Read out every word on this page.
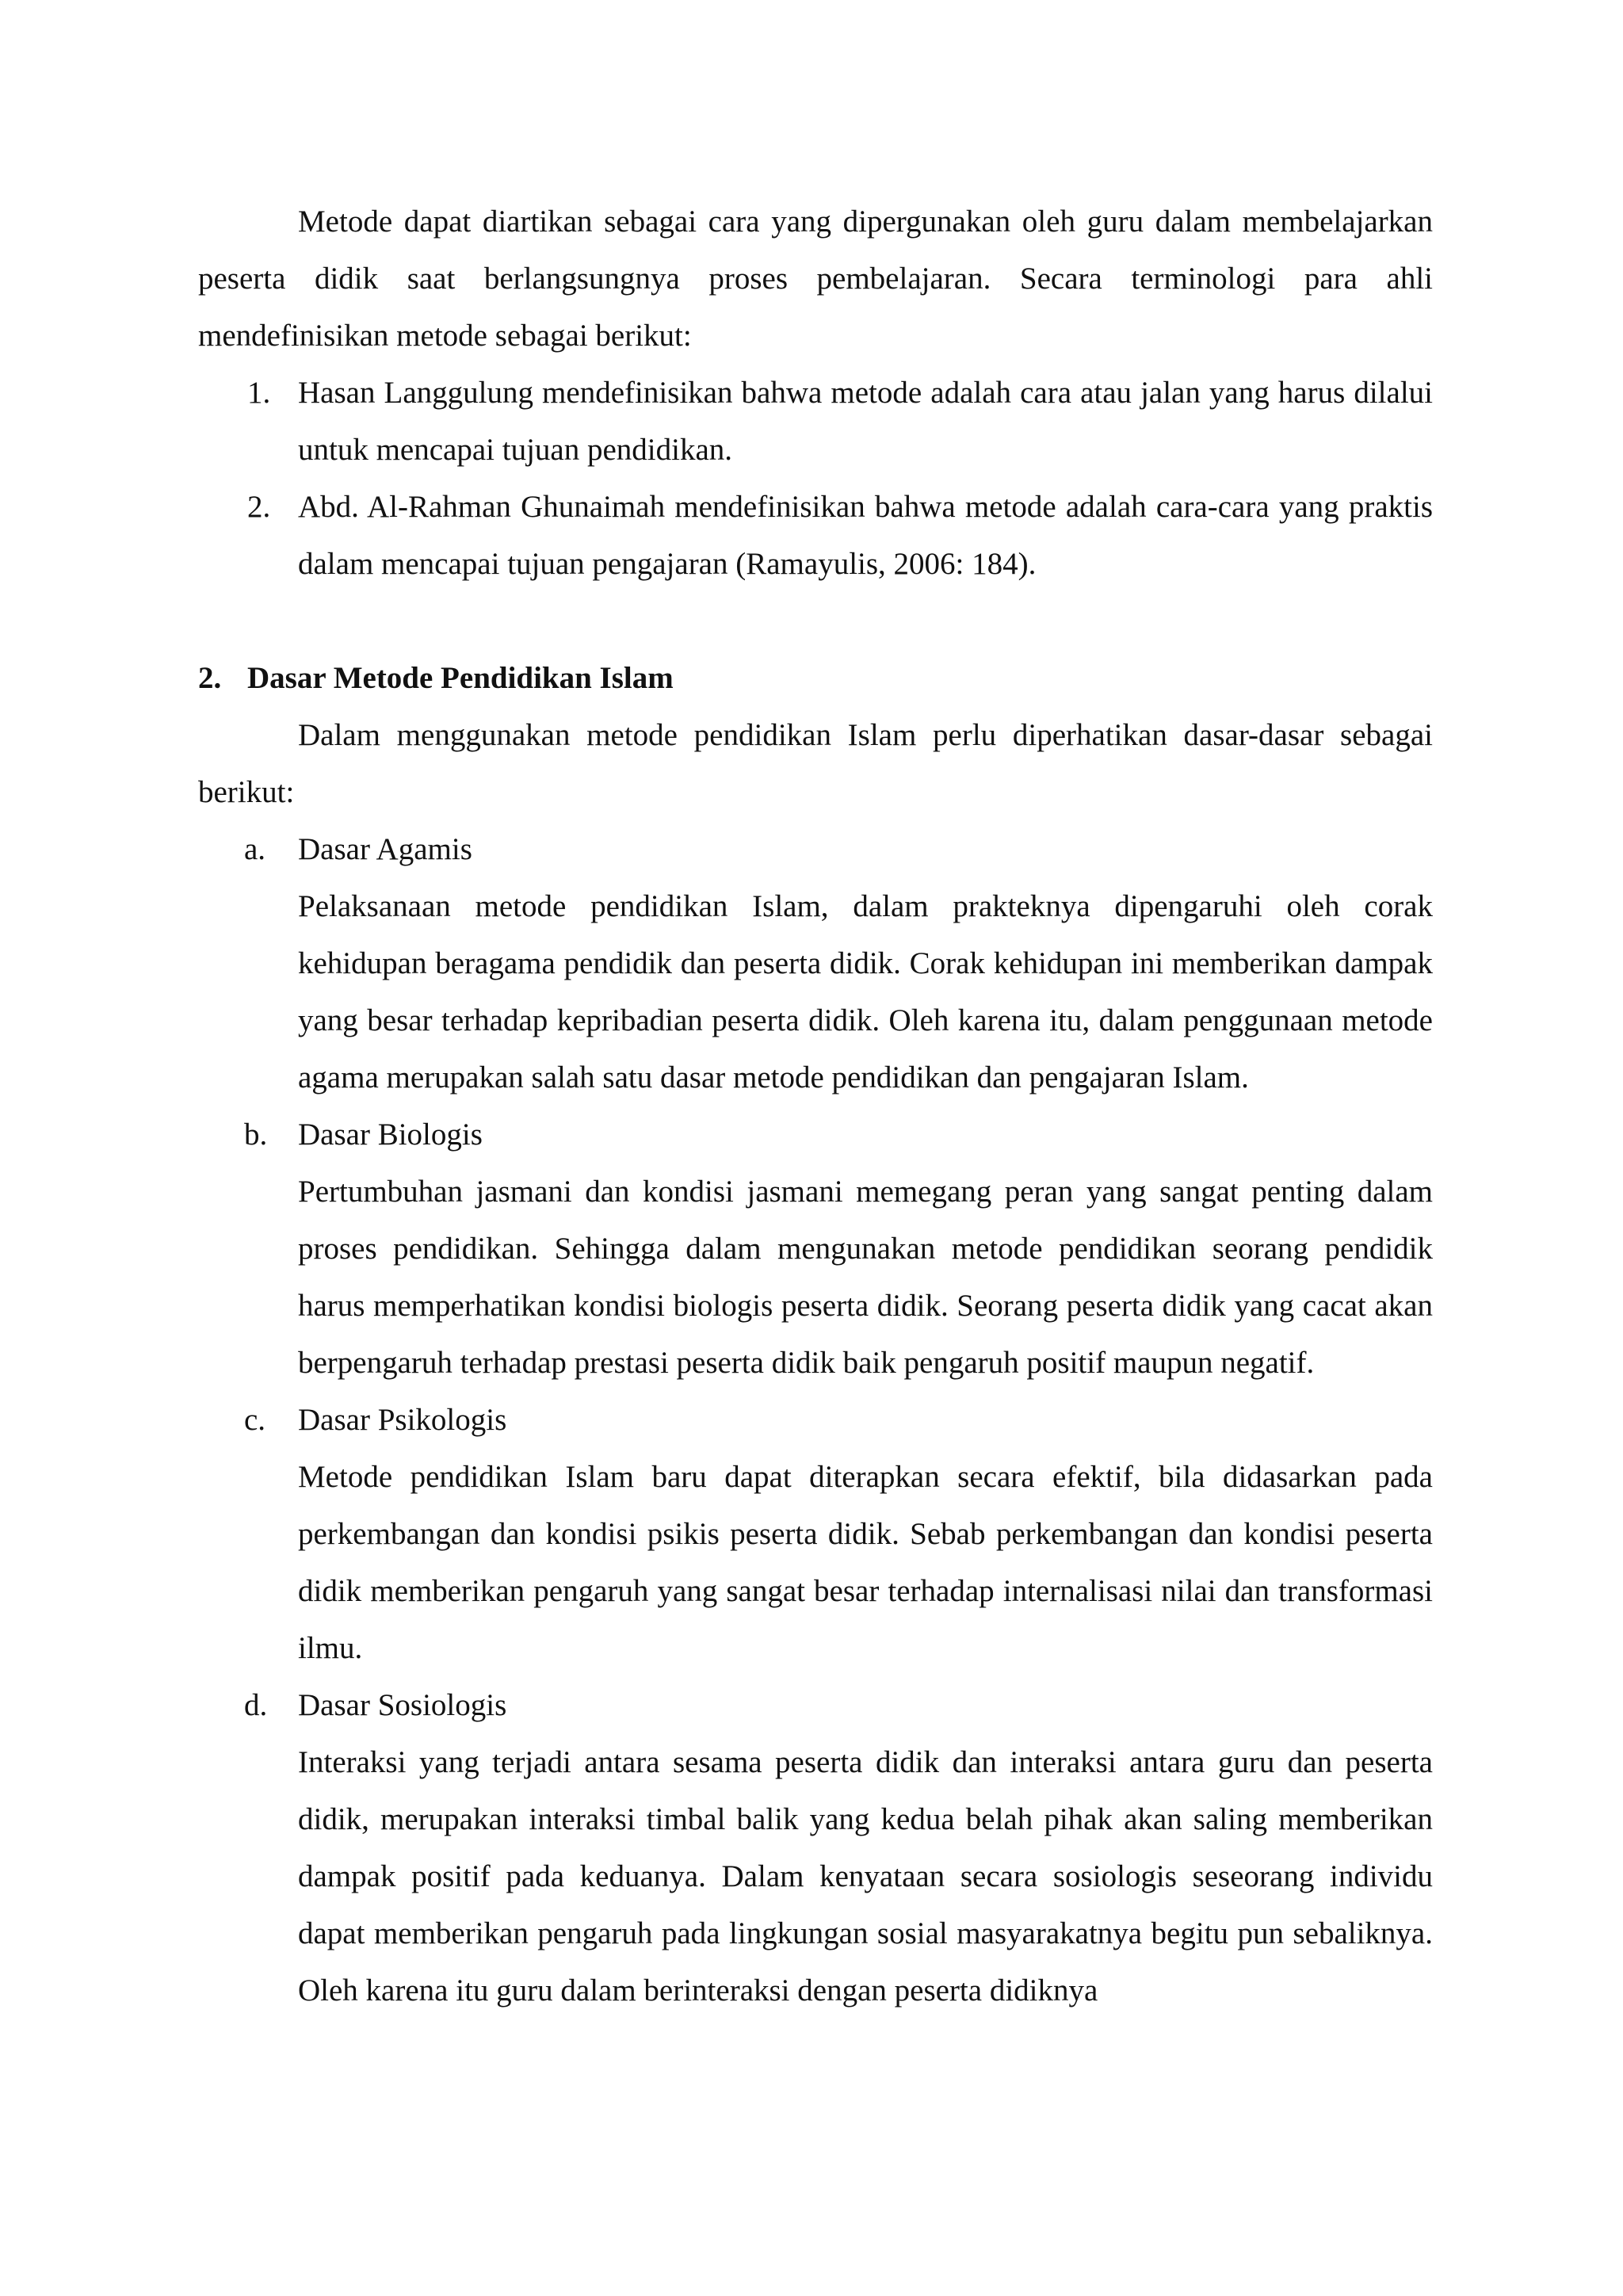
Metode dapat diartikan sebagai cara yang dipergunakan oleh guru dalam membelajarkan peserta didik saat berlangsungnya proses pembelajaran. Secara terminologi para ahli mendefinisikan metode sebagai berikut:

1. Hasan Langgulung mendefinisikan bahwa metode adalah cara atau jalan yang harus dilalui untuk mencapai tujuan pendidikan.
2. Abd. Al-Rahman Ghunaimah mendefinisikan bahwa metode adalah cara-cara yang praktis dalam mencapai tujuan pengajaran (Ramayulis, 2006: 184).
2. Dasar Metode Pendidikan Islam

Dalam menggunakan metode pendidikan Islam perlu diperhatikan dasar-dasar sebagai berikut:

a. Dasar Agamis

Pelaksanaan metode pendidikan Islam, dalam prakteknya dipengaruhi oleh corak kehidupan beragama pendidik dan peserta didik. Corak kehidupan ini memberikan dampak yang besar terhadap kepribadian peserta didik. Oleh karena itu, dalam penggunaan metode agama merupakan salah satu dasar metode pendidikan dan pengajaran Islam.

b. Dasar Biologis

Pertumbuhan jasmani dan kondisi jasmani memegang peran yang sangat penting dalam proses pendidikan. Sehingga dalam mengunakan metode pendidikan seorang pendidik harus memperhatikan kondisi biologis peserta didik. Seorang peserta didik yang cacat akan berpengaruh terhadap prestasi peserta didik baik pengaruh positif maupun negatif.

c. Dasar Psikologis

Metode pendidikan Islam baru dapat diterapkan secara efektif, bila didasarkan pada perkembangan dan kondisi psikis peserta didik. Sebab perkembangan dan kondisi peserta didik memberikan pengaruh yang sangat besar terhadap internalisasi nilai dan transformasi ilmu.

d. Dasar Sosiologis

Interaksi yang terjadi antara sesama peserta didik dan interaksi antara guru dan peserta didik, merupakan interaksi timbal balik yang kedua belah pihak akan saling memberikan dampak positif pada keduanya. Dalam kenyataan secara sosiologis seseorang individu dapat memberikan pengaruh pada lingkungan sosial masyarakatnya begitu pun sebaliknya. Oleh karena itu guru dalam berinteraksi dengan peserta didiknya
